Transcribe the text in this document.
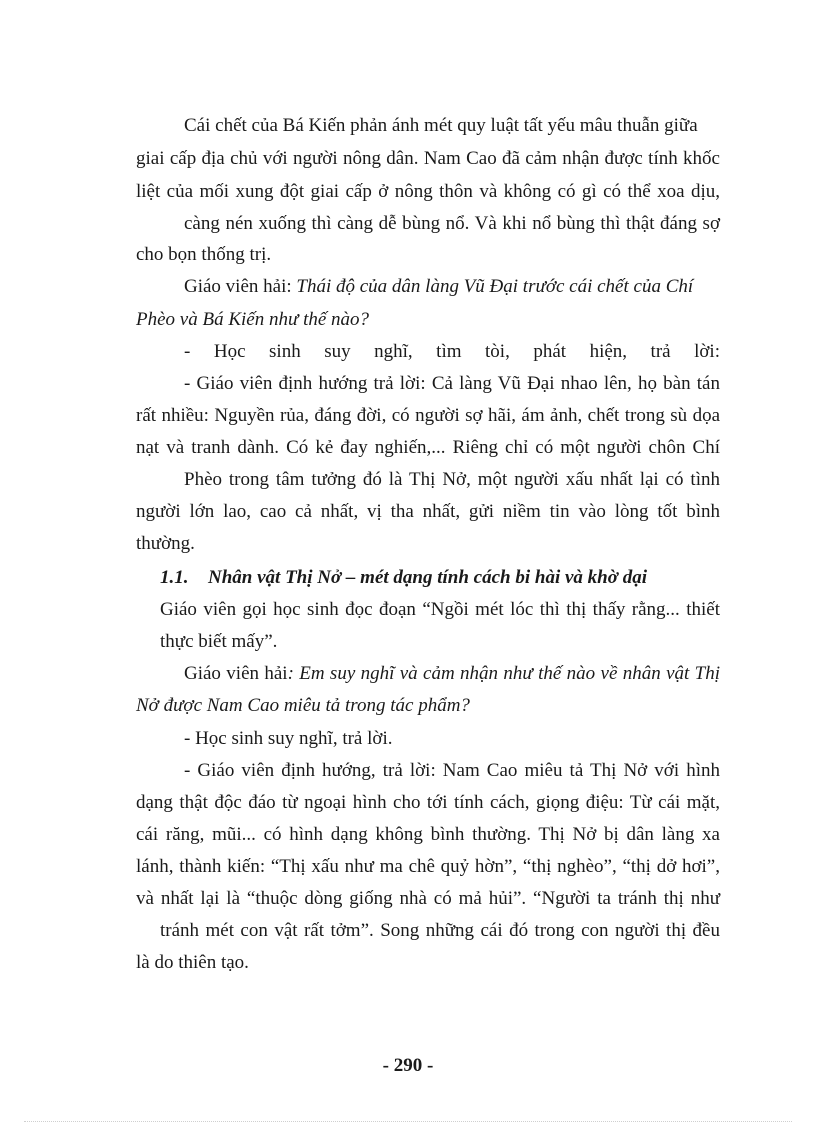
Cái chết của Bá Kiến phản ánh mét quy luật tất yếu mâu thuẫn giữa
giai cấp địa chủ với người nông dân. Nam Cao đã cảm nhận được tính khốc
liệt của mối xung đột giai cấp ở nông thôn và không có gì có thể xoa dịu,
càng nén xuống thì càng dễ bùng nổ. Và khi nổ bùng thì thật đáng sợ
cho bọn thống trị.
Giáo viên hải: Thái độ của dân làng Vũ Đại trước cái chết của Chí
Phèo và Bá Kiến như thế nào?
- Học sinh suy nghĩ, tìm tòi, phát hiện, trả lời:
- Giáo viên định hướng trả lời: Cả làng Vũ Đại nhao lên, họ bàn tán
rất nhiều: Nguyền rủa, đáng đời, có người sợ hãi, ám ảnh, chết trong sù dọa
nạt và tranh dành. Có kẻ đay nghiến,... Riêng chỉ có một người chôn Chí
Phèo trong tâm tưởng đó là Thị Nở, một người xấu nhất lại có tình
người lớn lao, cao cả nhất, vị tha nhất, gửi niềm tin vào lòng tốt bình
thường.
1.1. Nhân vật Thị Nở – mét dạng tính cách bi hài và khờ dại
Giáo viên gọi học sinh đọc đoạn “Ngồi mét lóc thì thị thấy rằng... thiết
thực biết mấy”.
Giáo viên hải: Em suy nghĩ và cảm nhận như thế nào về nhân vật Thị
Nở được Nam Cao miêu tả trong tác phẩm?
- Học sinh suy nghĩ, trả lời.
- Giáo viên định hướng, trả lời: Nam Cao miêu tả Thị Nở với hình
dạng thật độc đáo từ ngoại hình cho tới tính cách, giọng điệu: Từ cái mặt,
cái răng, mũi... có hình dạng không bình thường. Thị Nở bị dân làng xa
lánh, thành kiến: “Thị xấu như ma chê quỷ hờn”, “thị nghèo”, “thị dở hơi”,
và nhất lại là “thuộc dòng giống nhà có mả hủi”. “Người ta tránh thị như
tránh mét con vật rất tởm”. Song những cái đó trong con người thị đều
là do thiên tạo.
- 290 -
